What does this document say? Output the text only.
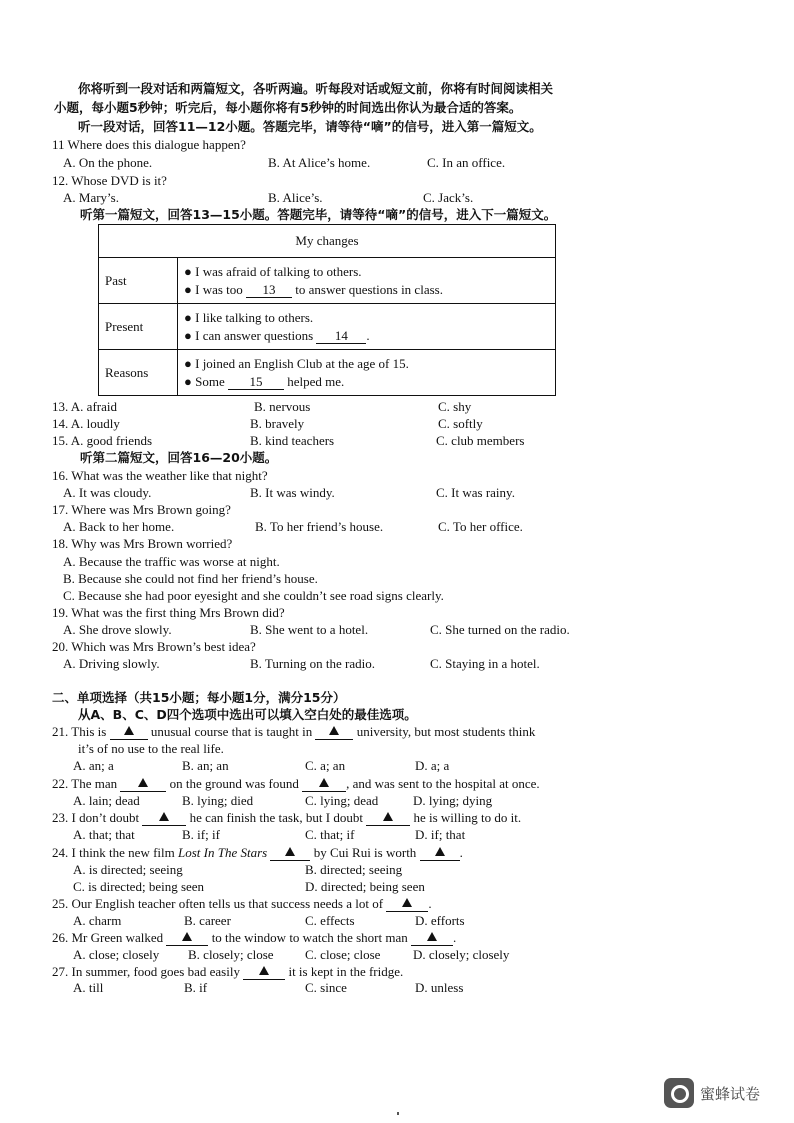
你将听到一段对话和两篇短文，各听两遍。听每段对话或短文前，你将有时间阅读相关
小题，每小题5秒钟；听完后，每小题你将有5秒钟的时间选出你认为最合适的答案。
听一段对话，回答11—12小题。答题完毕，请等待“嘀”的信号，进入第一篇短文。
11 Where does this dialogue happen?
A. On the phone.	B. At Alice’s home.	C. In an office.
12. Whose DVD is it?
A. Mary’s.	B. Alice’s.	C. Jack’s.
听第一篇短文，回答13—15小题。答题完毕，请等待“嘀”的信号，进入下一篇短文。
My changes	
Past	● I was afraid of talking to others.
● I was too 13 to answer questions in class.

Present	● I like talking to others.
● I can answer questions 14 .

Reasons	● I joined an English Club at the age of 15.
● Some 15 helped me.
13. A. afraid	B. nervous	C. shy
14. A. loudly	B. bravely	C. softly
15. A. good friends	B. kind teachers	C. club members
听第二篇短文，回答16—20小题。
16. What was the weather like that night?
A. It was cloudy.	B. It was windy.	C. It was rainy.
17. Where was Mrs Brown going?
A. Back to her home.	B. To her friend’s house.	C. To her office.
18. Why was Mrs Brown worried?
A. Because the traffic was worse at night.
B. Because she could not find her friend’s house.
C. Because she had poor eyesight and she couldn’t see road signs clearly.
19. What was the first thing Mrs Brown did?
A. She drove slowly.	B. She went to a hotel.	C. She turned on the radio.
20. Which was Mrs Brown’s best idea?
A. Driving slowly.	B. Turning on the radio.	C. Staying in a hotel.
二、单项选择（共15小题；每小题1分，满分15分）
从A、B、C、D四个选项中选出可以填入空白处的最佳选项。
21. This is	unusual course that is taught in	university, but most students think
it’s of no use to the real life.
A. an; a	B. an; an	C. a; an	D. a; a
22. The man	on the ground was found	, and was sent to the hospital at once.
A. lain; dead	B. lying; died	C. lying; dead	D. lying; dying
23. I don’t doubt	he can finish the task, but I doubt	he is willing to do it.
A. that; that	B. if; if	C. that; if	D. if; that
24. I think the new film Lost In The Stars	by Cui Rui is worth	.
A. is directed; seeing	B. directed; seeing
C. is directed; being seen	D. directed; being seen
25. Our English teacher often tells us that success needs a lot of	.
A. charm	B. career	C. effects	D. efforts
26. Mr Green walked	to the window to watch the short man	.
A. close; closely B. closely; close C. close; close	D. closely; closely
27. In summer, food goes bad easily	it is kept in the fridge.
A. till	B. if	C. since	D. unless
蜜蜂试卷
